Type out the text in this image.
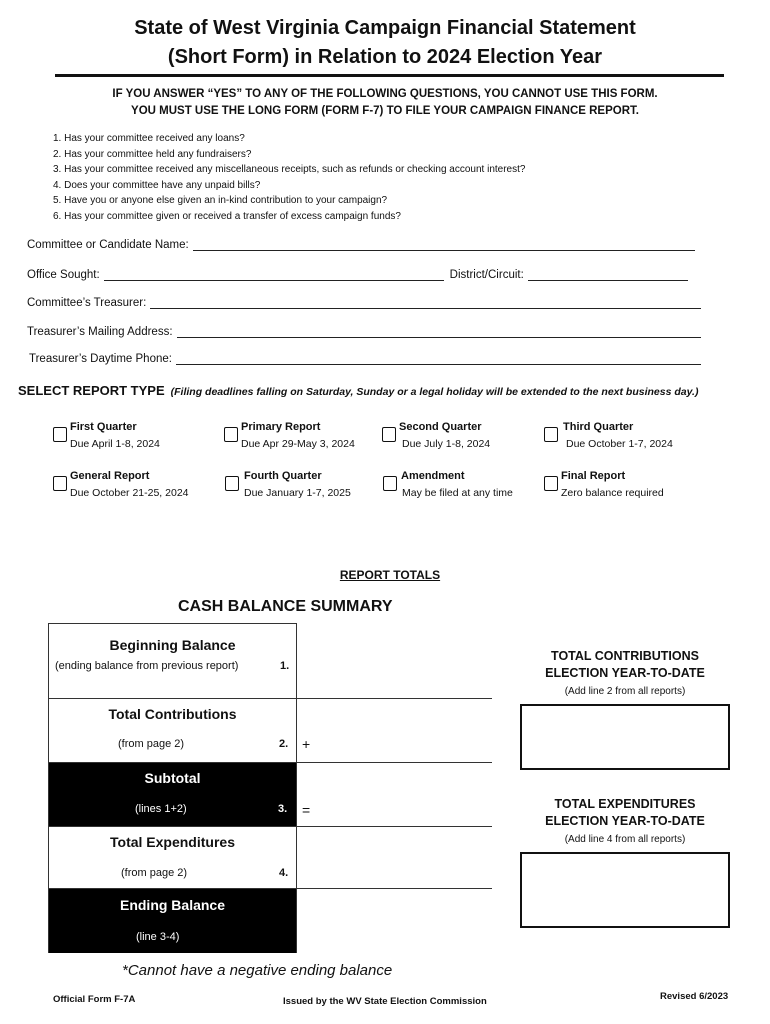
State of West Virginia Campaign Financial Statement
(Short Form) in Relation to 2024 Election Year
IF YOU ANSWER “YES” TO ANY OF THE FOLLOWING QUESTIONS, YOU CANNOT USE THIS FORM.
YOU MUST USE THE LONG FORM (FORM F-7) TO FILE YOUR CAMPAIGN FINANCE REPORT.
1. Has your committee received any loans?
2. Has your committee held any fundraisers?
3. Has your committee received any miscellaneous receipts, such as refunds or checking account interest?
4. Does your committee have any unpaid bills?
5. Have you or anyone else given an in-kind contribution to your campaign?
6. Has your committee given or received a transfer of excess campaign funds?
Committee or Candidate Name:
Office Sought:	District/Circuit:
Committee’s Treasurer:
Treasurer’s Mailing Address:
Treasurer’s Daytime Phone:
SELECT REPORT TYPE (Filing deadlines falling on Saturday, Sunday or a legal holiday will be extended to the next business day.)
First Quarter
Due April 1-8, 2024
Primary Report
Due Apr 29-May 3, 2024
Second Quarter
Due July 1-8, 2024
Third Quarter
Due October 1-7, 2024
General Report
Due October 21-25, 2024
Fourth Quarter
Due January 1-7, 2025
Amendment
May be filed at any time
Final Report
Zero balance required
REPORT TOTALS
CASH BALANCE SUMMARY
Beginning Balance
(ending balance from previous report)	1.
Total Contributions
(from page 2)	2. +
Subtotal
(lines 1+2)	3. =
Total Expenditures
(from page 2)	4.
Ending Balance
(line 3-4)
TOTAL CONTRIBUTIONS
ELECTION YEAR-TO-DATE
(Add line 2 from all reports)
TOTAL EXPENDITURES
ELECTION YEAR-TO-DATE
(Add line 4 from all reports)
*Cannot have a negative ending balance
Official Form F-7A	Issued by the WV State Election Commission	Revised 6/2023
